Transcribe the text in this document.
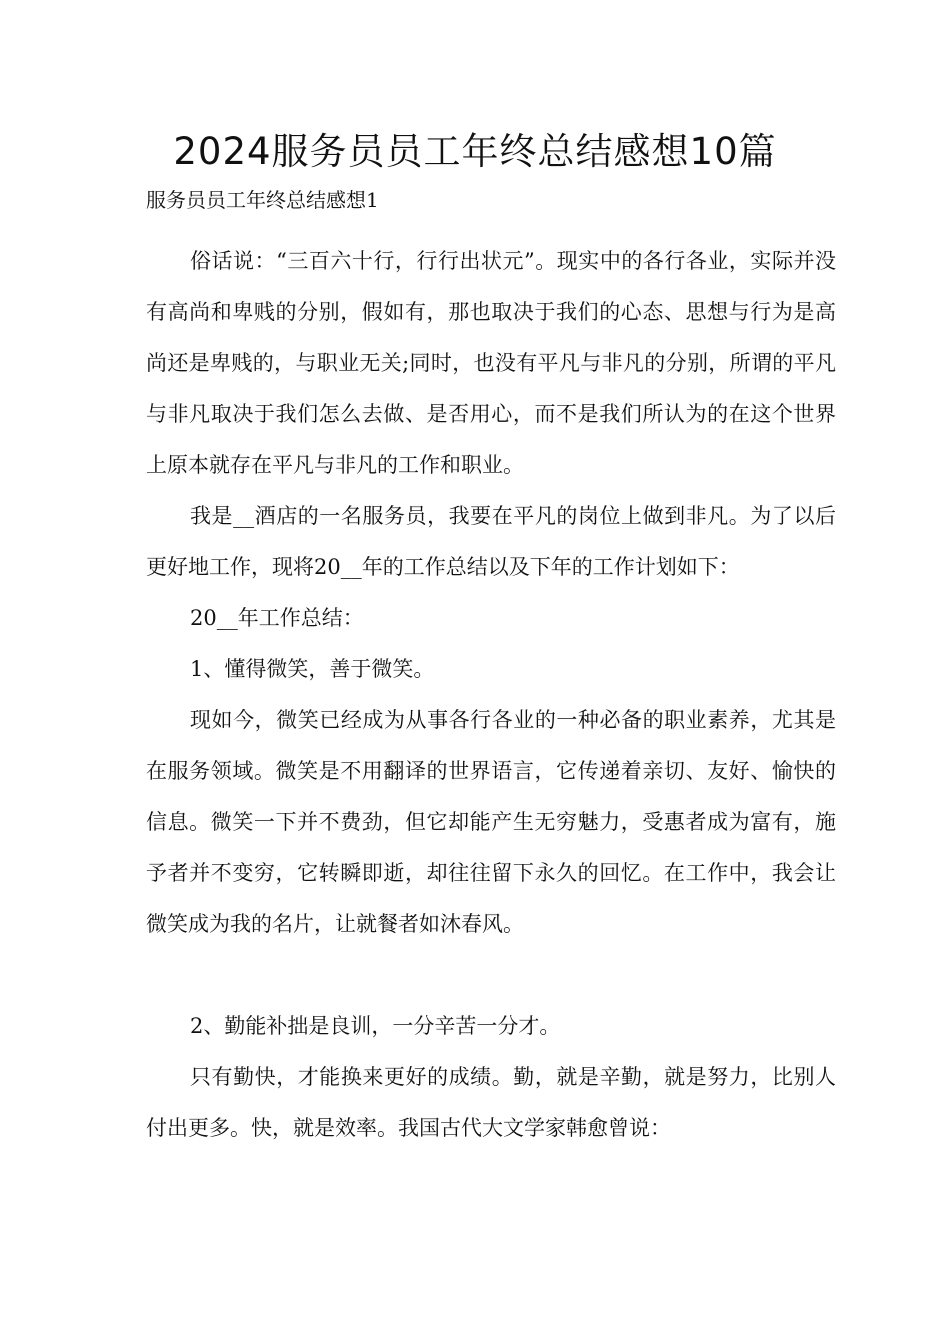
2024服务员员工年终总结感想10篇

服务员员工年终总结感想1

俗话说：“三百六十行，行行出状元”。现实中的各行各业，实际并没有高尚和卑贱的分别，假如有，那也取决于我们的心态、思想与行为是高尚还是卑贱的，与职业无关;同时，也没有平凡与非凡的分别，所谓的平凡与非凡取决于我们怎么去做、是否用心，而不是我们所认为的在这个世界上原本就存在平凡与非凡的工作和职业。

我是__酒店的一名服务员，我要在平凡的岗位上做到非凡。为了以后更好地工作，现将20__年的工作总结以及下年的工作计划如下：

20__年工作总结：

1、懂得微笑，善于微笑。

现如今，微笑已经成为从事各行各业的一种必备的职业素养，尤其是在服务领域。微笑是不用翻译的世界语言，它传递着亲切、友好、愉快的信息。微笑一下并不费劲，但它却能产生无穷魅力，受惠者成为富有，施予者并不变穷，它转瞬即逝，却往往留下永久的回忆。在工作中，我会让微笑成为我的名片，让就餐者如沐春风。

2、勤能补拙是良训，一分辛苦一分才。

只有勤快，才能换来更好的成绩。勤，就是辛勤，就是努力，比别人付出更多。快，就是效率。我国古代大文学家韩愈曾说：
